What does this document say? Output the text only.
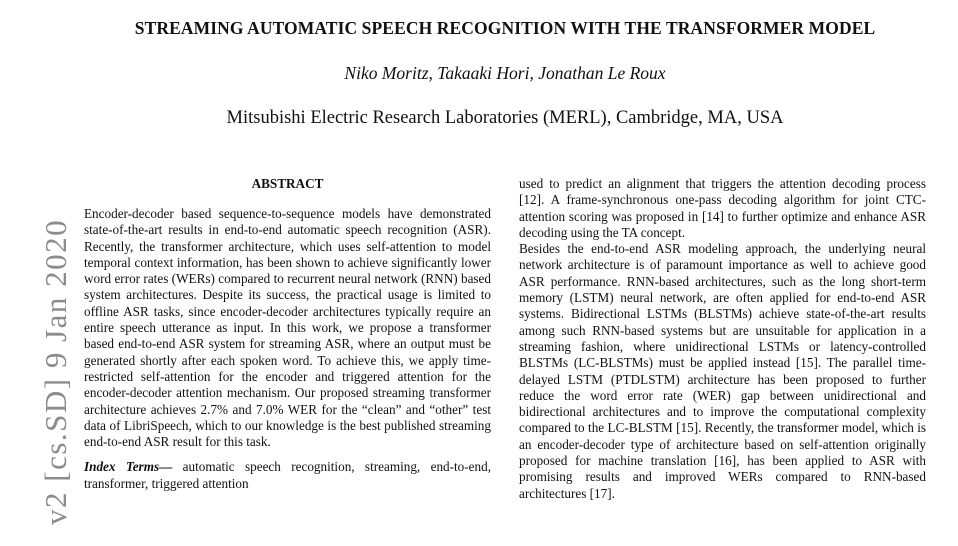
v2 [cs.SD] 9 Jan 2020
STREAMING AUTOMATIC SPEECH RECOGNITION WITH THE TRANSFORMER MODEL
Niko Moritz, Takaaki Hori, Jonathan Le Roux
Mitsubishi Electric Research Laboratories (MERL), Cambridge, MA, USA
ABSTRACT

Encoder-decoder based sequence-to-sequence models have demonstrated state-of-the-art results in end-to-end automatic speech recognition (ASR). Recently, the transformer architecture, which uses self-attention to model temporal context information, has been shown to achieve significantly lower word error rates (WERs) compared to recurrent neural network (RNN) based system architectures. Despite its success, the practical usage is limited to offline ASR tasks, since encoder-decoder architectures typically require an entire speech utterance as input. In this work, we propose a transformer based end-to-end ASR system for streaming ASR, where an output must be generated shortly after each spoken word. To achieve this, we apply time-restricted self-attention for the encoder and triggered attention for the encoder-decoder attention mechanism. Our proposed streaming transformer architecture achieves 2.7% and 7.0% WER for the “clean” and “other” test data of LibriSpeech, which to our knowledge is the best published streaming end-to-end ASR result for this task.

Index Terms— automatic speech recognition, streaming, end-to-end, transformer, triggered attention

used to predict an alignment that triggers the attention decoding process [12]. A frame-synchronous one-pass decoding algorithm for joint CTC-attention scoring was proposed in [14] to further optimize and enhance ASR decoding using the TA concept.

Besides the end-to-end ASR modeling approach, the underlying neural network architecture is of paramount importance as well to achieve good ASR performance. RNN-based architectures, such as the long short-term memory (LSTM) neural network, are often applied for end-to-end ASR systems. Bidirectional LSTMs (BLSTMs) achieve state-of-the-art results among such RNN-based systems but are unsuitable for application in a streaming fashion, where unidirectional LSTMs or latency-controlled BLSTMs (LC-BLSTMs) must be applied instead [15]. The parallel time-delayed LSTM (PTDLSTM) architecture has been proposed to further reduce the word error rate (WER) gap between unidirectional and bidirectional architectures and to improve the computational complexity compared to the LC-BLSTM [15]. Recently, the transformer model, which is an encoder-decoder type of architecture based on self-attention originally proposed for machine translation [16], has been applied to ASR with promising results and improved WERs compared to RNN-based architectures [17].
